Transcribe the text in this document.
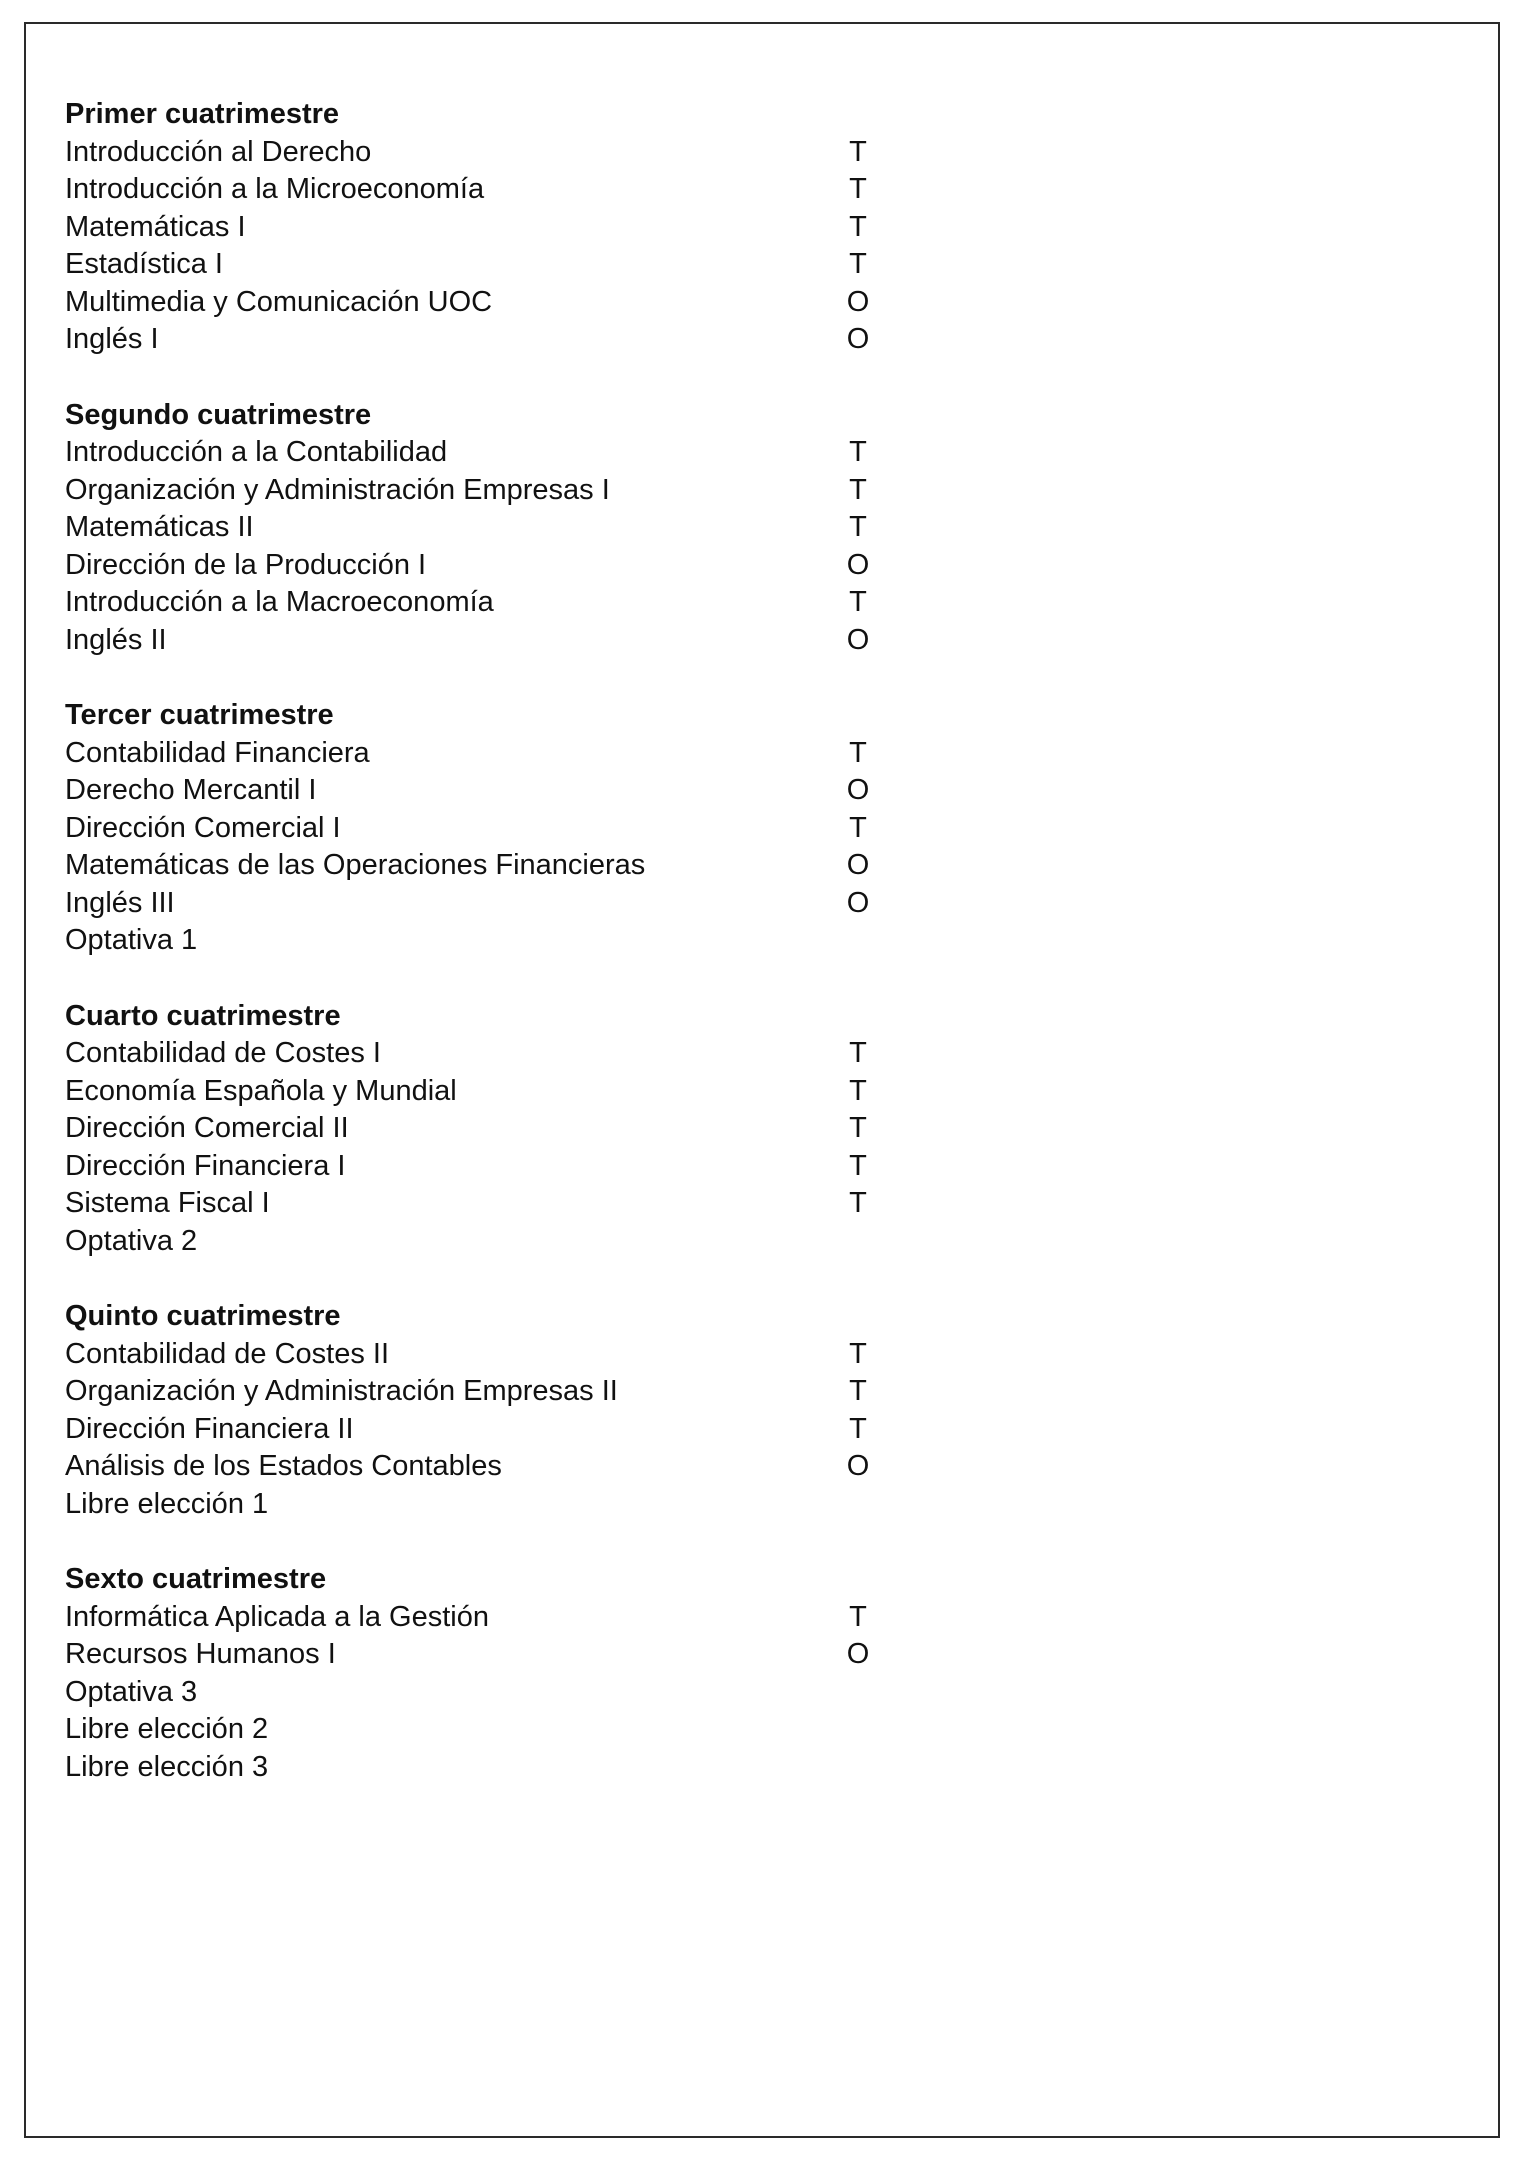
Primer cuatrimestre
Introducción al Derecho	T
Introducción a la Microeconomía	T
Matemáticas I	T
Estadística I	T
Multimedia y Comunicación UOC	O
Inglés I	O
Segundo cuatrimestre
Introducción a la Contabilidad	T
Organización y Administración Empresas I	T
Matemáticas II	T
Dirección de la Producción I	O
Introducción a la Macroeconomía	T
Inglés II	O
Tercer cuatrimestre
Contabilidad Financiera	T
Derecho Mercantil I	O
Dirección Comercial I	T
Matemáticas de las Operaciones Financieras	O
Inglés III	O
Optativa 1
Cuarto cuatrimestre
Contabilidad de Costes I	T
Economía Española y Mundial	T
Dirección Comercial II	T
Dirección Financiera I	T
Sistema Fiscal I	T
Optativa 2
Quinto cuatrimestre
Contabilidad de Costes II	T
Organización y Administración Empresas II	T
Dirección Financiera II	T
Análisis de los Estados Contables	O
Libre elección 1
Sexto cuatrimestre
Informática Aplicada a la Gestión	T
Recursos Humanos I	O
Optativa 3
Libre elección 2
Libre elección 3
